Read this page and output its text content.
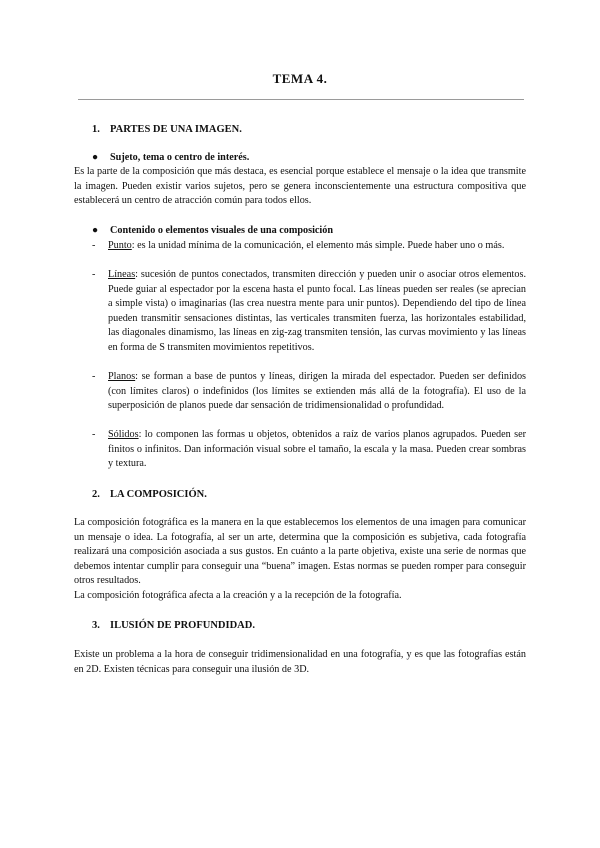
TEMA 4.
1. PARTES DE UNA IMAGEN.
● Sujeto, tema o centro de interés.
Es la parte de la composición que más destaca, es esencial porque establece el mensaje o la idea que transmite la imagen. Pueden existir varios sujetos, pero se genera inconscientemente una estructura compositiva que establecerá un centro de atracción común para todos ellos.
● Contenido o elementos visuales de una composición
-	Punto: es la unidad mínima de la comunicación, el elemento más simple. Puede haber uno o más.
-	Líneas: sucesión de puntos conectados, transmiten dirección y pueden unir o asociar otros elementos. Puede guiar al espectador por la escena hasta el punto focal. Las líneas pueden ser reales (se aprecian a simple vista) o imaginarias (las crea nuestra mente para unir puntos). Dependiendo del tipo de línea pueden transmitir sensaciones distintas, las verticales transmiten fuerza, las horizontales estabilidad, las diagonales dinamismo, las líneas en zig-zag transmiten tensión, las curvas movimiento y las líneas en forma de S transmiten movimientos repetitivos.
-	Planos: se forman a base de puntos y líneas, dirigen la mirada del espectador. Pueden ser definidos (con límites claros) o indefinidos (los límites se extienden más allá de la fotografía). El uso de la superposición de planos puede dar sensación de tridimensionalidad o profundidad.
-	Sólidos: lo componen las formas u objetos, obtenidos a raíz de varios planos agrupados. Pueden ser finitos o infinitos. Dan información visual sobre el tamaño, la escala y la masa. Pueden crear sombras y textura.
2. LA COMPOSICIÓN.
La composición fotográfica es la manera en la que establecemos los elementos de una imagen para comunicar un mensaje o idea. La fotografía, al ser un arte, determina que la composición es subjetiva, cada fotografía realizará una composición asociada a sus gustos. En cuánto a la parte objetiva, existe una serie de normas que debemos intentar cumplir para conseguir una “buena” imagen. Estas normas se pueden romper para conseguir otros resultados.
La composición fotográfica afecta a la creación y a la recepción de la fotografía.
3. ILUSIÓN DE PROFUNDIDAD.
Existe un problema a la hora de conseguir tridimensionalidad en una fotografía, y es que las fotografías están en 2D. Existen técnicas para conseguir una ilusión de 3D.
